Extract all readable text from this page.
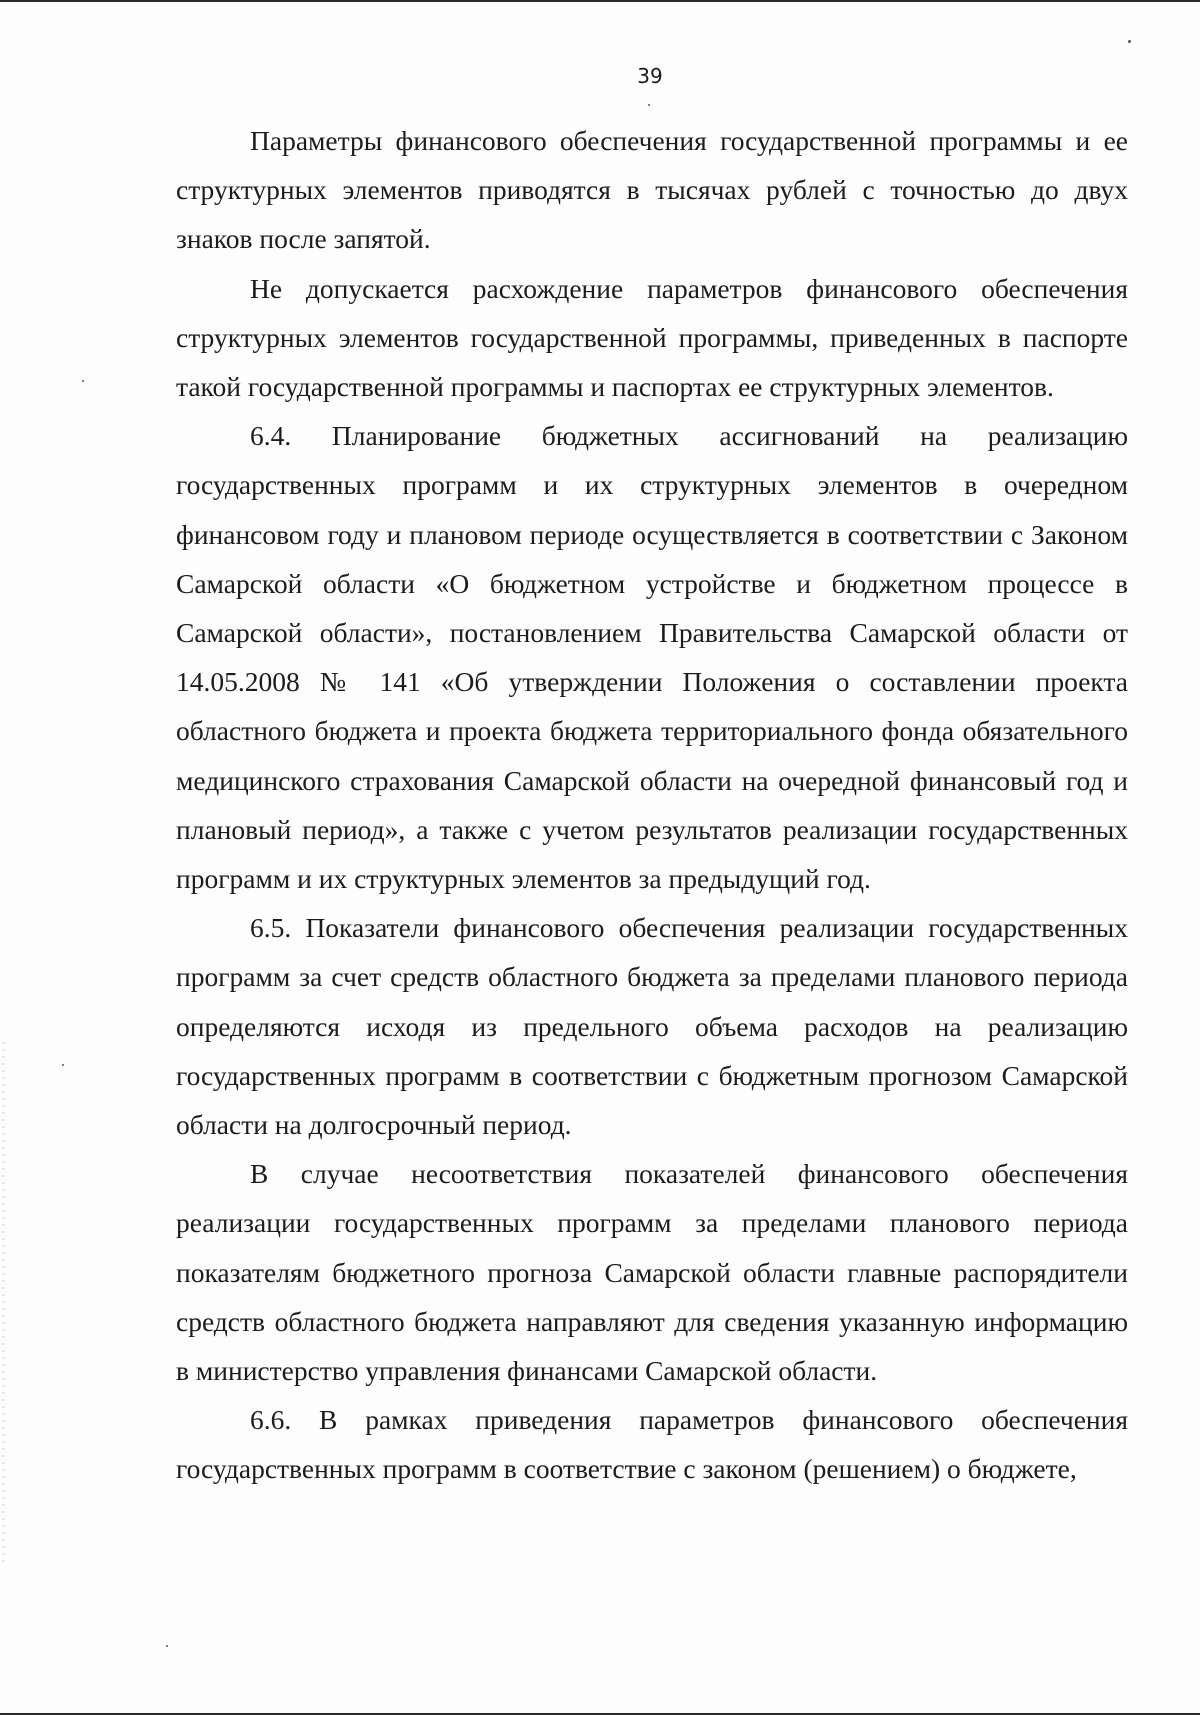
39

Параметры финансового обеспечения государственной программы и ее структурных элементов приводятся в тысячах рублей с точностью до двух знаков после запятой.

Не допускается расхождение параметров финансового обеспечения структурных элементов государственной программы, приведенных в паспорте такой государственной программы и паспортах ее структурных элементов.

6.4. Планирование бюджетных ассигнований на реализацию государственных программ и их структурных элементов в очередном финансовом году и плановом периоде осуществляется в соответствии с Законом Самарской области «О бюджетном устройстве и бюджетном процессе в Самарской области», постановлением Правительства Самарской области от 14.05.2008 № 141 «Об утверждении Положения о составлении проекта областного бюджета и проекта бюджета территориального фонда обязательного медицинского страхования Самарской области на очередной финансовый год и плановый период», а также с учетом результатов реализации государственных программ и их структурных элементов за предыдущий год.

6.5. Показатели финансового обеспечения реализации государственных программ за счет средств областного бюджета за пределами планового периода определяются исходя из предельного объема расходов на реализацию государственных программ в соответствии с бюджетным прогнозом Самарской области на долгосрочный период.

В случае несоответствия показателей финансового обеспечения реализации государственных программ за пределами планового периода показателям бюджетного прогноза Самарской области главные распорядители средств областного бюджета направляют для сведения указанную информацию в министерство управления финансами Самарской области.

6.6. В рамках приведения параметров финансового обеспечения государственных программ в соответствие с законом (решением) о бюджете,
